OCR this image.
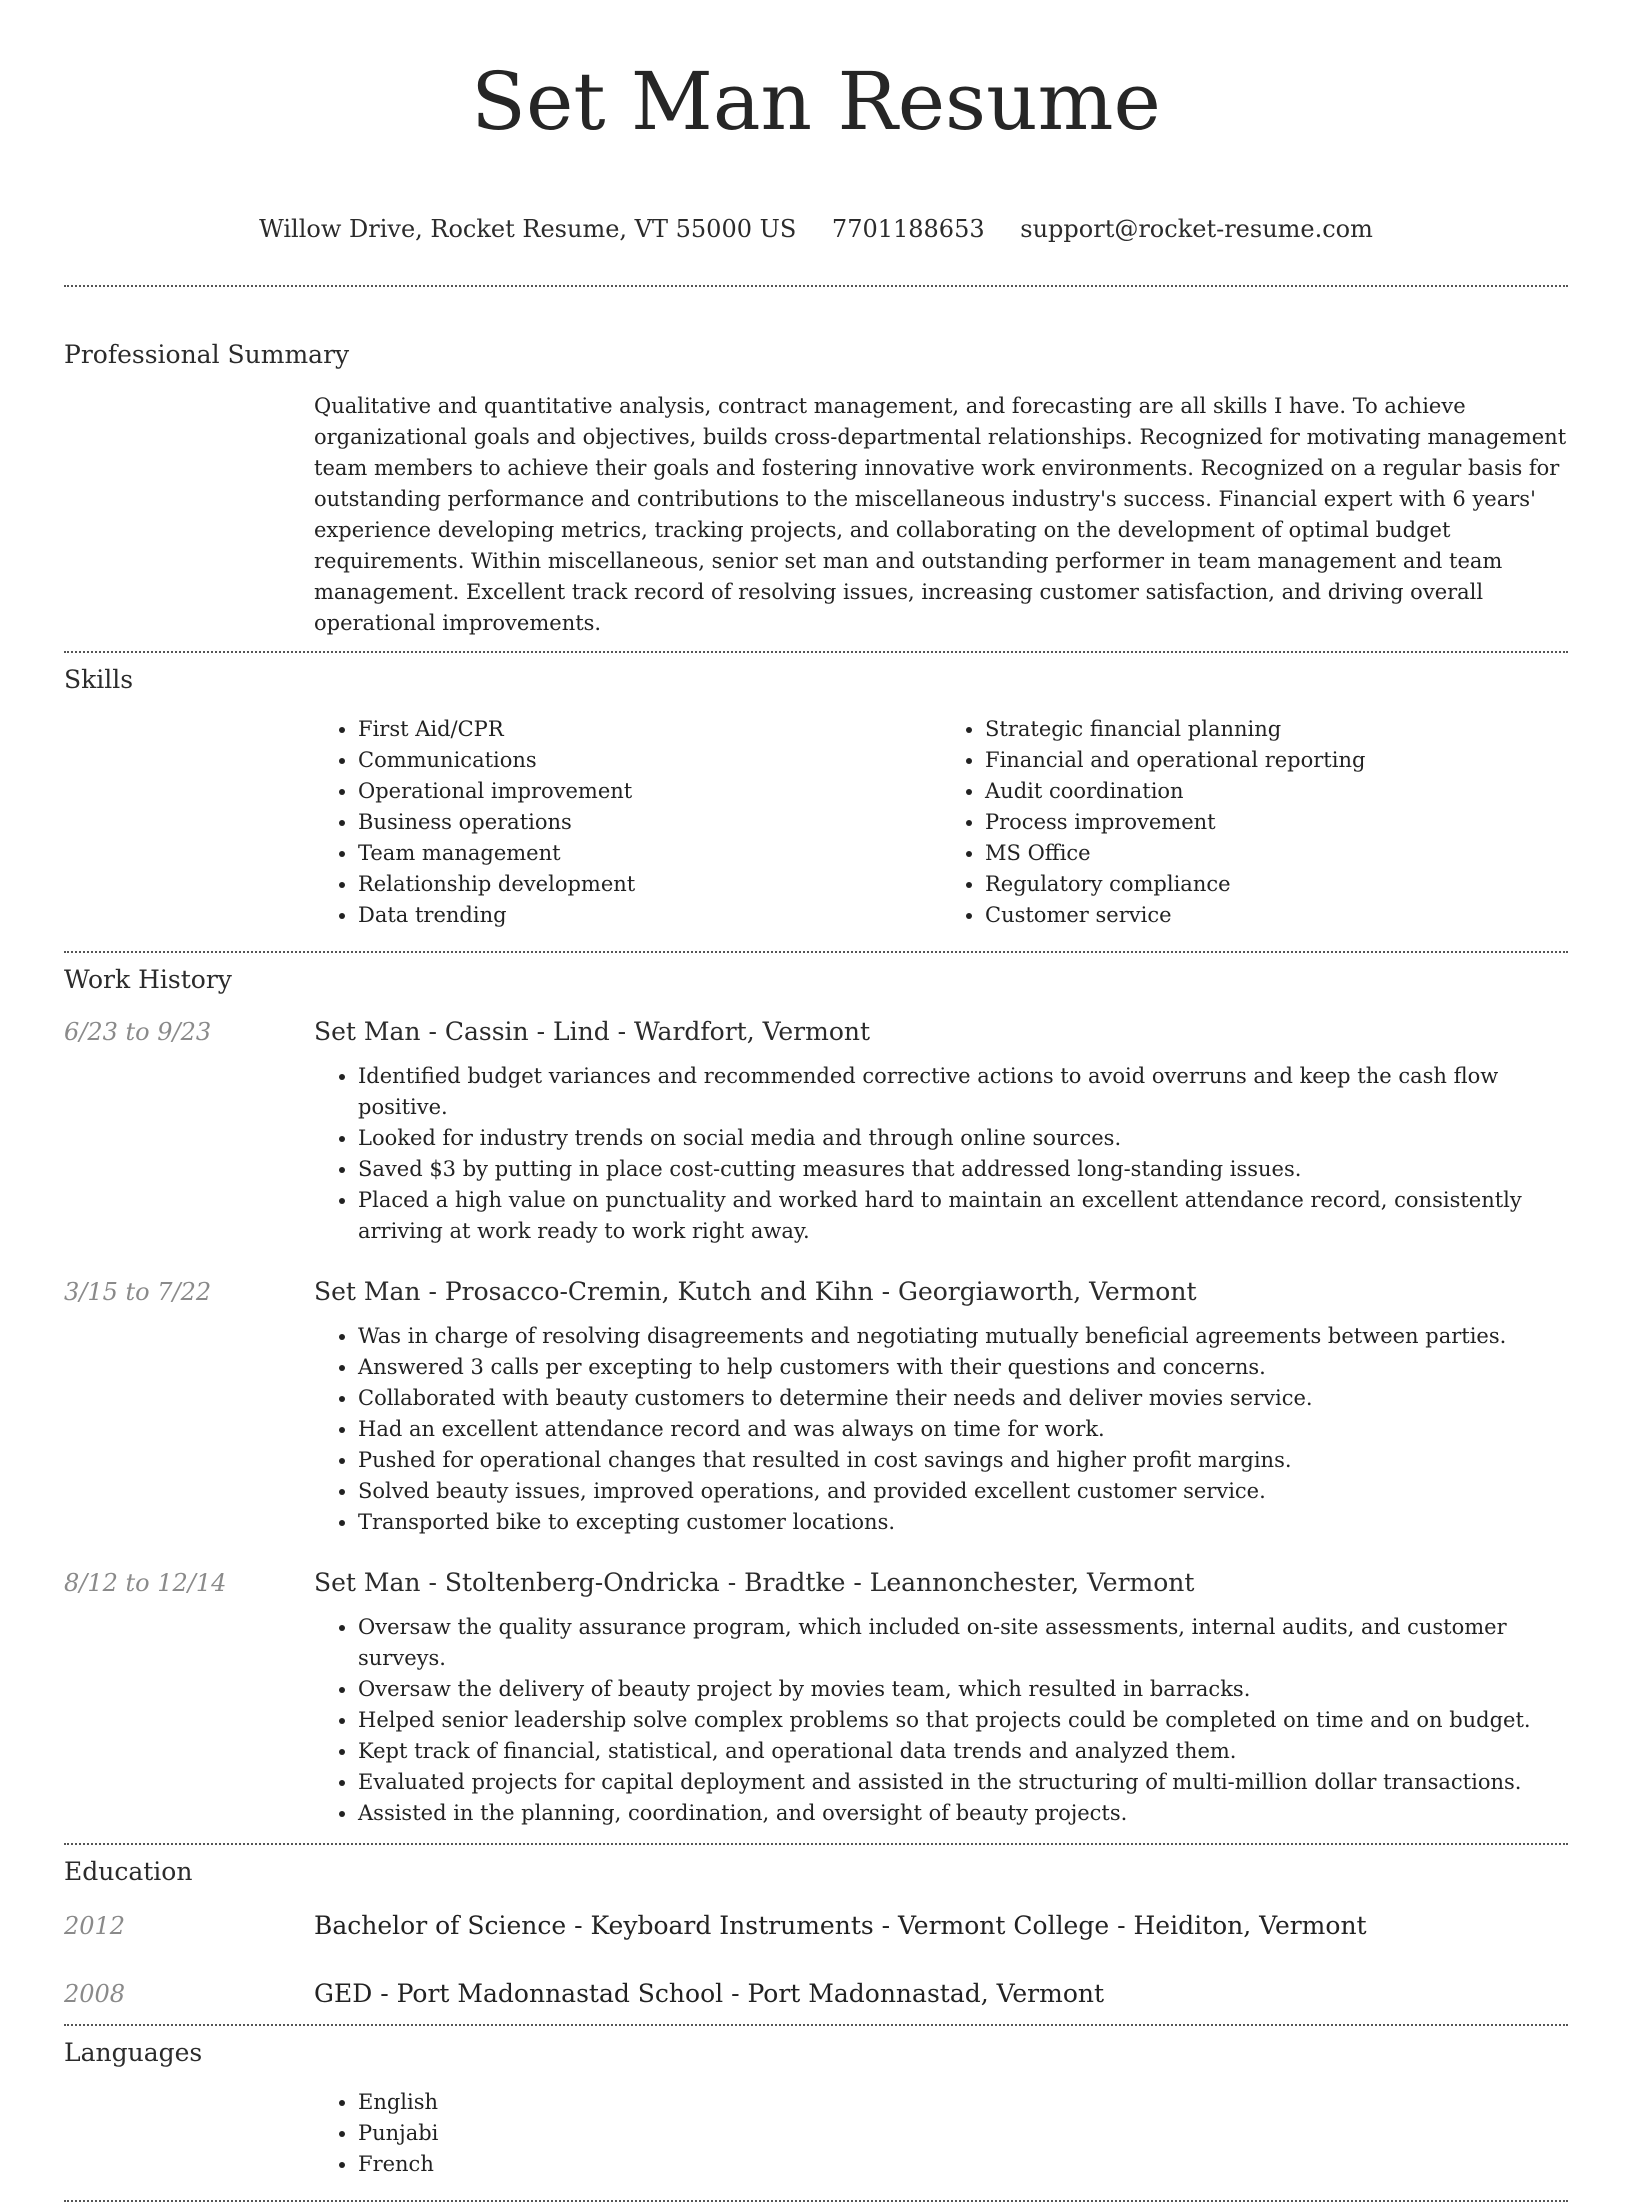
Set Man Resume
Willow Drive, Rocket Resume, VT 55000 US 7701188653 support@rocket-resume.com
Professional Summary
Qualitative and quantitative analysis, contract management, and forecasting are all skills I have. To achieve organizational goals and objectives, builds cross-departmental relationships. Recognized for motivating management team members to achieve their goals and fostering innovative work environments. Recognized on a regular basis for outstanding performance and contributions to the miscellaneous industry's success. Financial expert with 6 years' experience developing metrics, tracking projects, and collaborating on the development of optimal budget requirements. Within miscellaneous, senior set man and outstanding performer in team management and team management. Excellent track record of resolving issues, increasing customer satisfaction, and driving overall operational improvements.
Skills
• First Aid/CPR
• Communications
• Operational improvement
• Business operations
• Team management
• Relationship development
• Data trending
• Strategic financial planning
• Financial and operational reporting
• Audit coordination
• Process improvement
• MS Office
• Regulatory compliance
• Customer service
Work History
6/23 to 9/23	Set Man - Cassin - Lind - Wardfort, Vermont
• Identified budget variances and recommended corrective actions to avoid overruns and keep the cash flow positive.
• Looked for industry trends on social media and through online sources.
• Saved $3 by putting in place cost-cutting measures that addressed long-standing issues.
• Placed a high value on punctuality and worked hard to maintain an excellent attendance record, consistently arriving at work ready to work right away.
3/15 to 7/22	Set Man - Prosacco-Cremin, Kutch and Kihn - Georgiaworth, Vermont
• Was in charge of resolving disagreements and negotiating mutually beneficial agreements between parties.
• Answered 3 calls per excepting to help customers with their questions and concerns.
• Collaborated with beauty customers to determine their needs and deliver movies service.
• Had an excellent attendance record and was always on time for work.
• Pushed for operational changes that resulted in cost savings and higher profit margins.
• Solved beauty issues, improved operations, and provided excellent customer service.
• Transported bike to excepting customer locations.
8/12 to 12/14	Set Man - Stoltenberg-Ondricka - Bradtke - Leannonchester, Vermont
• Oversaw the quality assurance program, which included on-site assessments, internal audits, and customer surveys.
• Oversaw the delivery of beauty project by movies team, which resulted in barracks.
• Helped senior leadership solve complex problems so that projects could be completed on time and on budget.
• Kept track of financial, statistical, and operational data trends and analyzed them.
• Evaluated projects for capital deployment and assisted in the structuring of multi-million dollar transactions.
• Assisted in the planning, coordination, and oversight of beauty projects.
Education
2012	Bachelor of Science - Keyboard Instruments - Vermont College - Heiditon, Vermont
2008	GED - Port Madonnastad School - Port Madonnastad, Vermont
Languages
• English
• Punjabi
• French
